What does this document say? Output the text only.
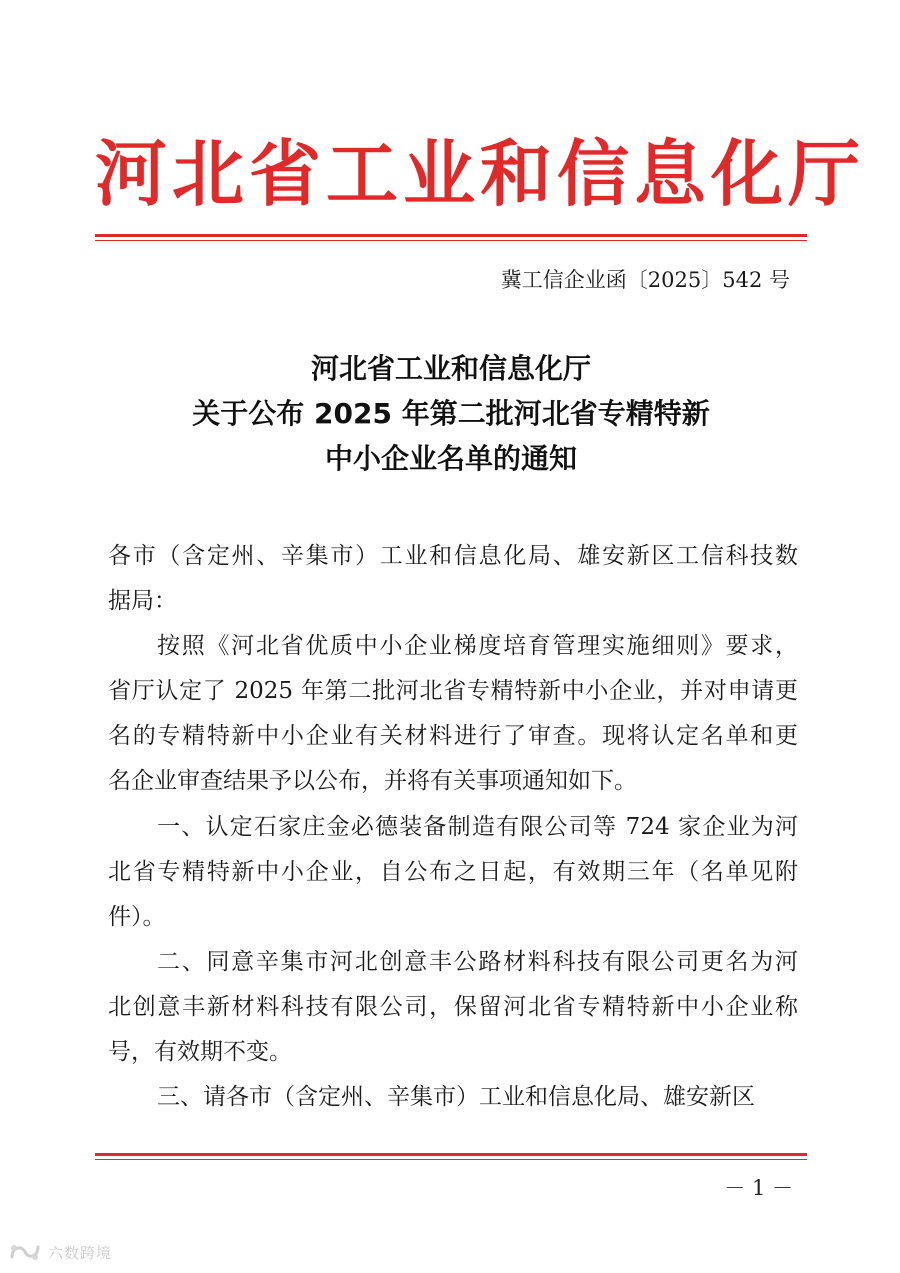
河北省工业和信息化厅
冀工信企业函〔2025〕542 号
河北省工业和信息化厅
关于公布 2025 年第二批河北省专精特新
中小企业名单的通知
各市（含定州、辛集市）工业和信息化局、雄安新区工信科技数
据局：
按照《河北省优质中小企业梯度培育管理实施细则》要求，
省厅认定了 2025 年第二批河北省专精特新中小企业，并对申请更
名的专精特新中小企业有关材料进行了审查。现将认定名单和更
名企业审查结果予以公布，并将有关事项通知如下。
一、认定石家庄金必德装备制造有限公司等 724 家企业为河
北省专精特新中小企业，自公布之日起，有效期三年（名单见附
件）。
二、同意辛集市河北创意丰公路材料科技有限公司更名为河
北创意丰新材料科技有限公司，保留河北省专精特新中小企业称
号，有效期不变。
三、请各市（含定州、辛集市）工业和信息化局、雄安新区
－ 1 －
六数跨境
